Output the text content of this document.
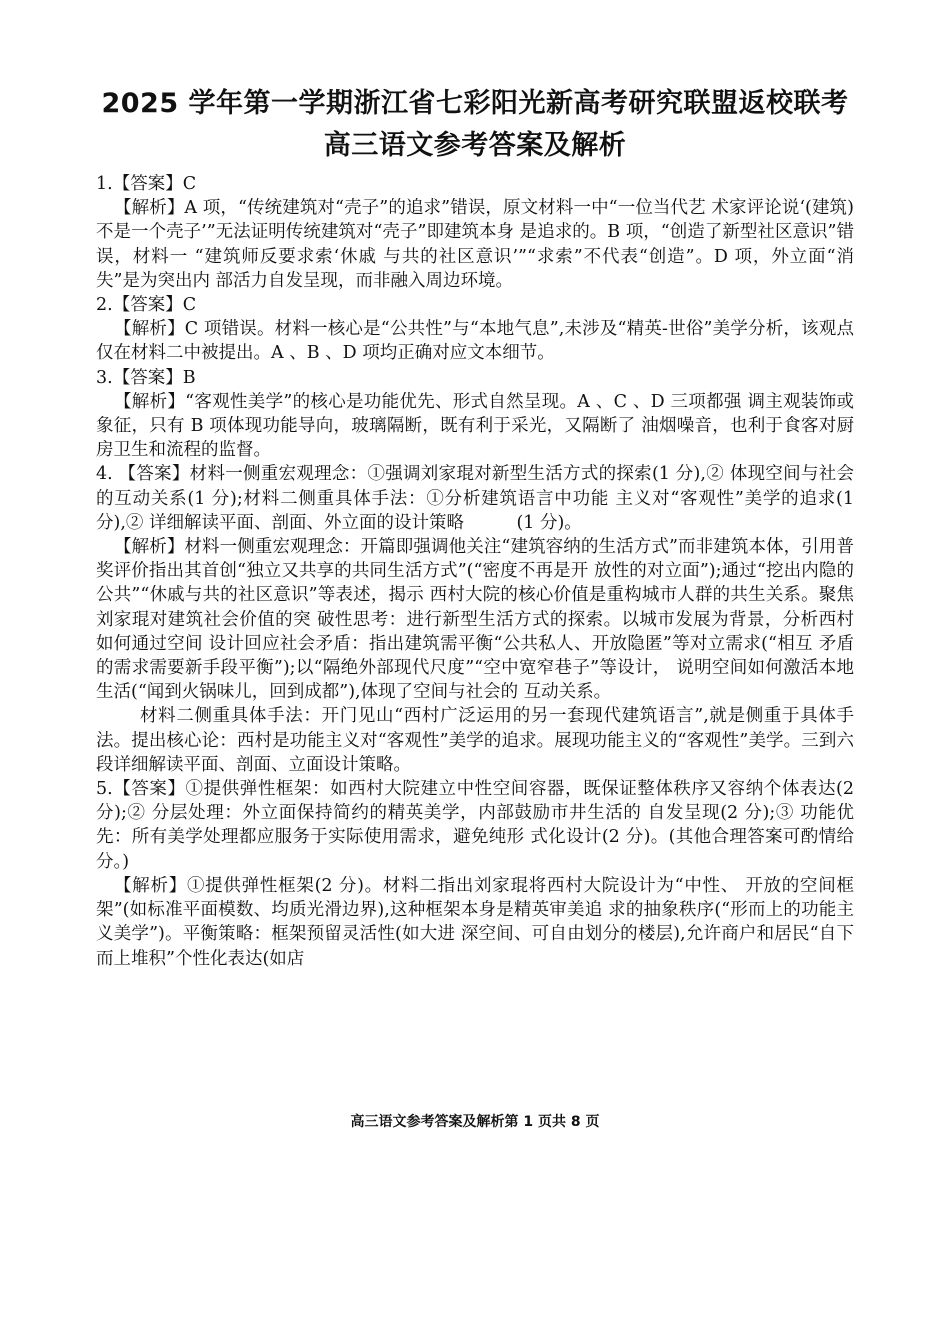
2025 学年第一学期浙江省七彩阳光新高考研究联盟返校联考
高三语文参考答案及解析

1.【答案】C

【解析】A 项，“传统建筑对“壳子”的追求”错误，原文材料一中“一位当代艺 术家评论说‘(建筑)不是一个壳子’”无法证明传统建筑对“壳子”即建筑本身 是追求的。B 项，“创造了新型社区意识”错误，材料一 “建筑师反要求索‘休戚 与共的社区意识’”“求索”不代表“创造”。D 项，外立面“消失”是为突出内 部活力自发呈现，而非融入周边环境。

2.【答案】C

【解析】C 项错误。材料一核心是“公共性”与“本地气息”,未涉及“精英-世俗”美学分析，该观点仅在材料二中被提出。A 、B 、D 项均正确对应文本细节。

3.【答案】B

【解析】“客观性美学”的核心是功能优先、形式自然呈现。A 、C 、D 三项都强 调主观装饰或象征，只有 B 项体现功能导向，玻璃隔断，既有利于采光，又隔断了 油烟噪音，也利于食客对厨房卫生和流程的监督。

4. 【答案】材料一侧重宏观理念：①强调刘家琨对新型生活方式的探索(1 分),② 体现空间与社会的互动关系(1 分);材料二侧重具体手法：①分析建筑语言中功能 主义对“客观性”美学的追求(1 分),② 详细解读平面、剖面、外立面的设计策略　　　(1 分)。

【解析】材料一侧重宏观理念：开篇即强调他关注“建筑容纳的生活方式”而非建筑本体，引用普奖评价指出其首创“独立又共享的共同生活方式”(“密度不再是开 放性的对立面”);通过“挖出内隐的公共”“休戚与共的社区意识”等表述，揭示 西村大院的核心价值是重构城市人群的共生关系。聚焦刘家琨对建筑社会价值的突 破性思考：进行新型生活方式的探索。以城市发展为背景，分析西村如何通过空间 设计回应社会矛盾：指出建筑需平衡“公共私人、开放隐匿”等对立需求(“相互 矛盾的需求需要新手段平衡”);以“隔绝外部现代尺度”“空中宽窄巷子”等设计， 说明空间如何激活本地生活(“闻到火锅味儿，回到成都”),体现了空间与社会的 互动关系。

材料二侧重具体手法：开门见山“西村广泛运用的另一套现代建筑语言”,就是侧重于具体手法。提出核心论：西村是功能主义对“客观性”美学的追求。展现功能主义的“客观性”美学。三到六段详细解读平面、剖面、立面设计策略。

5.【答案】①提供弹性框架：如西村大院建立中性空间容器，既保证整体秩序又容纳个体表达(2 分);② 分层处理：外立面保持简约的精英美学，内部鼓励市井生活的 自发呈现(2 分);③ 功能优先：所有美学处理都应服务于实际使用需求，避免纯形 式化设计(2 分)。(其他合理答案可酌情给分。)

【解析】①提供弹性框架(2 分)。材料二指出刘家琨将西村大院设计为“中性、 开放的空间框架”(如标准平面模数、均质光滑边界),这种框架本身是精英审美追 求的抽象秩序(“形而上的功能主义美学”)。平衡策略：框架预留灵活性(如大进 深空间、可自由划分的楼层),允许商户和居民“自下而上堆积”个性化表达(如店

高三语文参考答案及解析第 1 页共 8 页
